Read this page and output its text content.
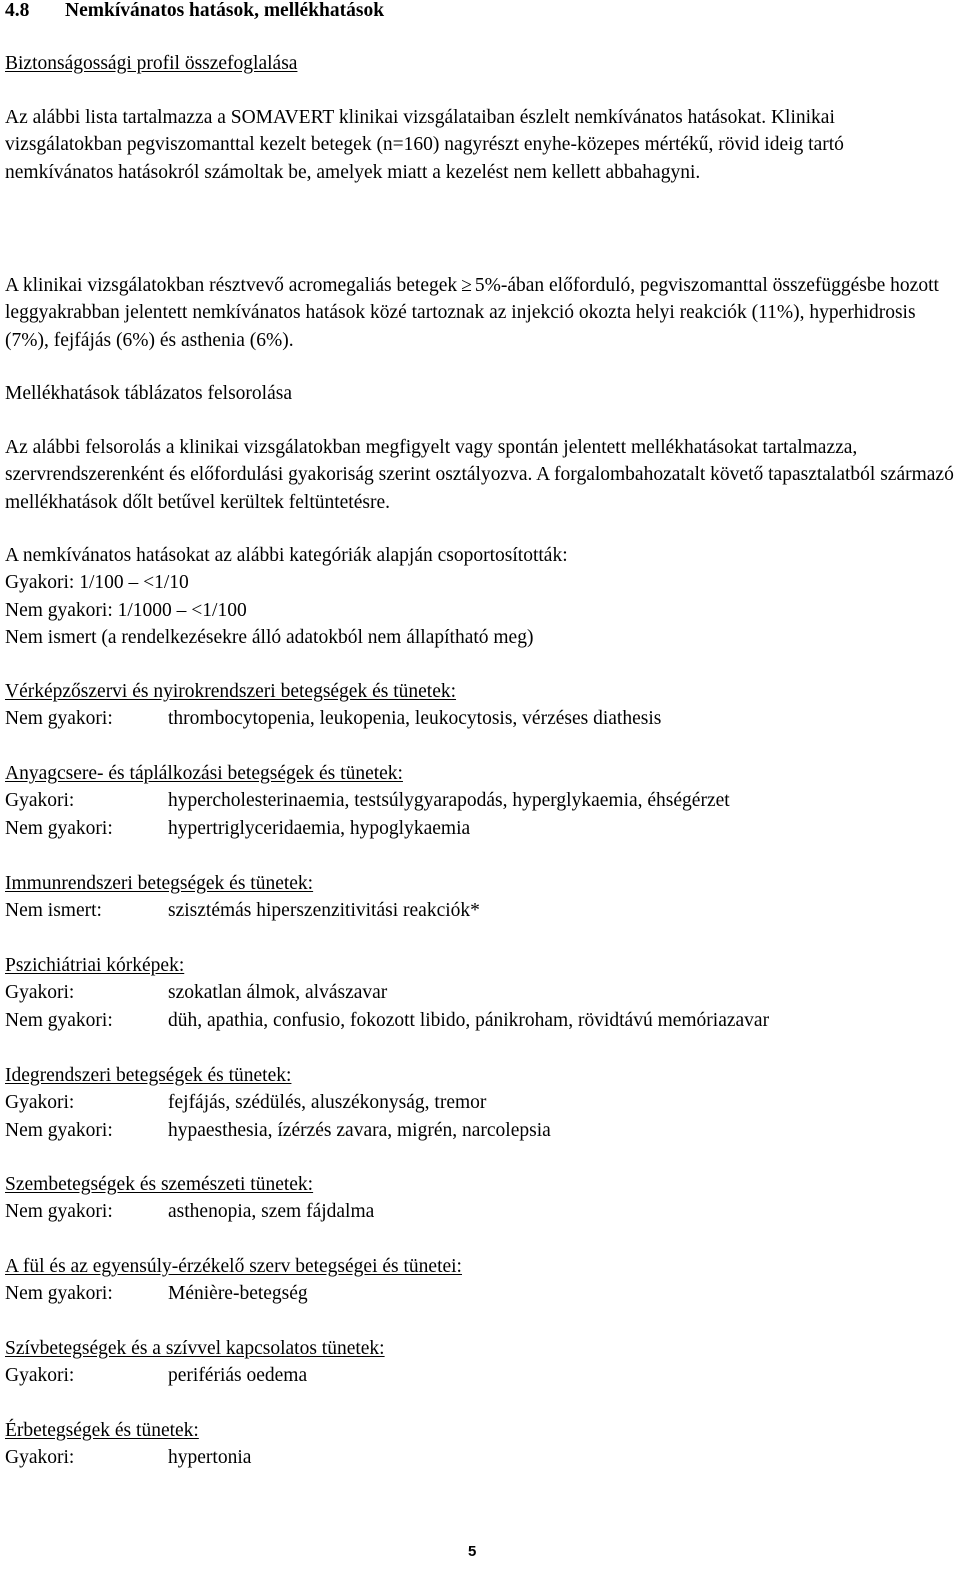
4.8 Nemkívánatos hatások, mellékhatások
Biztonságossági profil összefoglalása
Az alábbi lista tartalmazza a SOMAVERT klinikai vizsgálataiban észlelt nemkívánatos hatásokat. Klinikai vizsgálatokban pegviszomanttal kezelt betegek (n=160) nagyrészt enyhe-közepes mértékű, rövid ideig tartó nemkívánatos hatásokról számoltak be, amelyek miatt a kezelést nem kellett abbahagyni.
A klinikai vizsgálatokban résztvevő acromegaliás betegek ≥ 5%-ában előforduló, pegviszomanttal összefüggésbe hozott leggyakrabban jelentett nemkívánatos hatások közé tartoznak az injekció okozta helyi reakciók (11%), hyperhidrosis (7%), fejfájás (6%) és asthenia (6%).
Mellékhatások táblázatos felsorolása
Az alábbi felsorolás a klinikai vizsgálatokban megfigyelt vagy spontán jelentett mellékhatásokat tartalmazza, szervrendszerenként és előfordulási gyakoriság szerint osztályozva. A forgalombahozatalt követő tapasztalatból származó mellékhatások dőlt betűvel kerültek feltüntetésre.
A nemkívánatos hatásokat az alábbi kategóriák alapján csoportosították:
Gyakori: 1/100 – <1/10
Nem gyakori: 1/1000 – <1/100
Nem ismert (a rendelkezésekre álló adatokból nem állapítható meg)
Vérképzőszervi és nyirokrendszeri betegségek és tünetek:
Nem gyakori:	thrombocytopenia, leukopenia, leukocytosis, vérzéses diathesis
Anyagcsere- és táplálkozási betegségek és tünetek:
Gyakori:	hypercholesterinaemia, testsúlygyarapodás, hyperglykaemia, éhségérzet
Nem gyakori:	hypertriglyceridaemia, hypoglykaemia
Immunrendszeri betegségek és tünetek:
Nem ismert:	szisztémás hiperszenzitivitási reakciók*
Pszichiátriai kórképek:
Gyakori:	szokatlan álmok, alvászavar
Nem gyakori:	düh, apathia, confusio, fokozott libido, pánikroham, rövidtávú memóriazavar
Idegrendszeri betegségek és tünetek:
Gyakori:	fejfájás, szédülés, aluszékonyság, tremor
Nem gyakori:	hypaesthesia, ízérzés zavara, migrén, narcolepsia
Szembetegségek és szemészeti tünetek:
Nem gyakori:	asthenopia, szem fájdalma
A fül és az egyensúly-érzékelő szerv betegségei és tünetei:
Nem gyakori:	Ménière-betegség
Szívbetegségek és a szívvel kapcsolatos tünetek:
Gyakori:	perifériás oedema
Érbetegségek és tünetek:
Gyakori:	hypertonia
5
